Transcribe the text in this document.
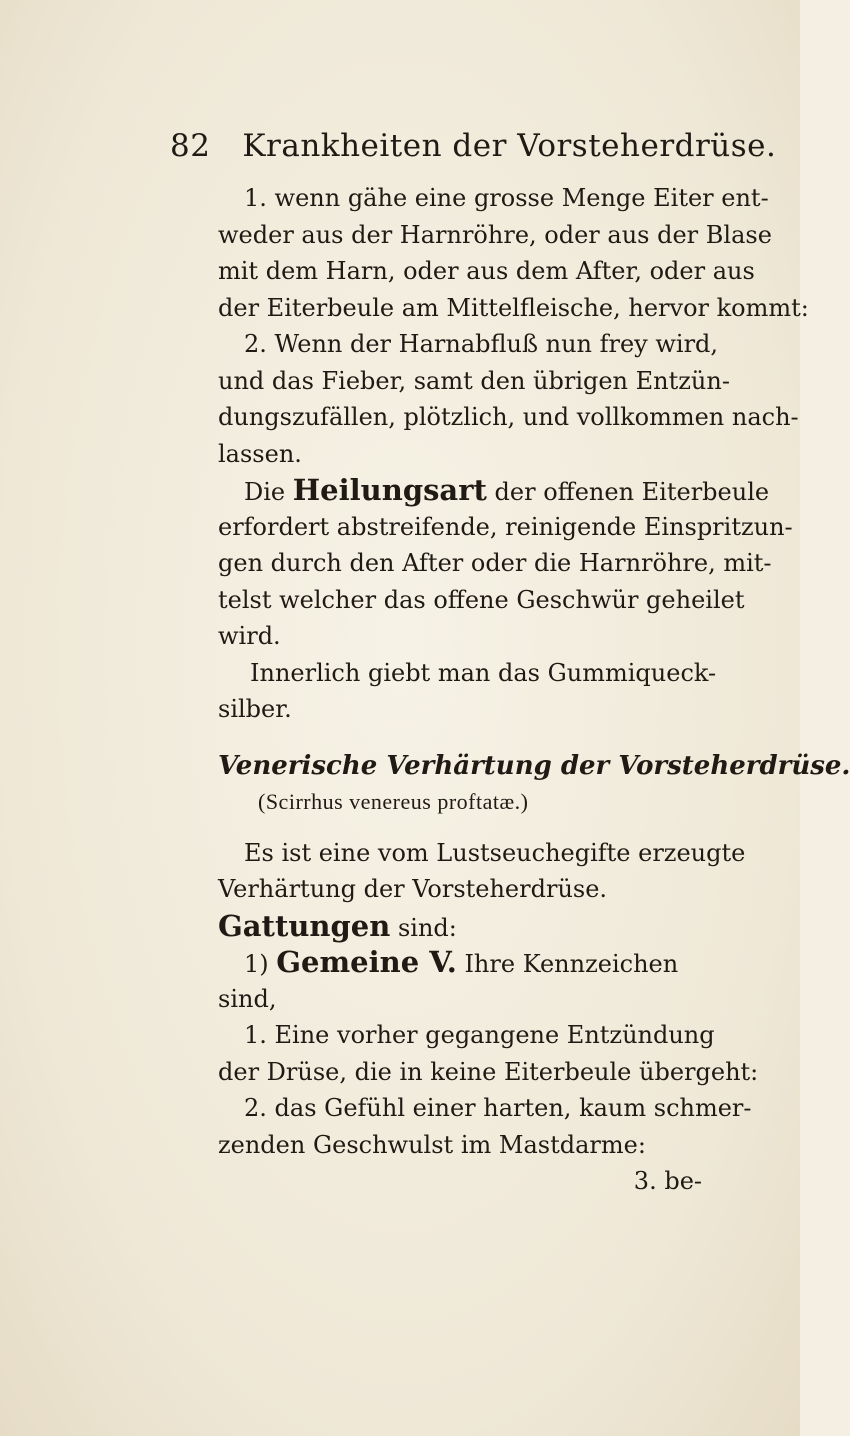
82 Krankheiten der Vorsteherdrüse.
1. wenn gähe eine grosse Menge Eiter ent-
weder aus der Harnröhre, oder aus der Blase
mit dem Harn, oder aus dem After, oder aus
der Eiterbeule am Mittelfleische, hervor kommt:
2. Wenn der Harnabfluß nun frey wird,
und das Fieber, samt den übrigen Entzün-
dungszufällen, plötzlich, und vollkommen nach-
lassen.
Die Heilungsart der offenen Eiterbeule
erfordert abstreifende, reinigende Einspritzun-
gen durch den After oder die Harnröhre, mit-
telst welcher das offene Geschwür geheilet
wird.
Innerlich giebt man das Gummiqueck-
silber.
Venerische Verhärtung der Vorsteherdrüse.
(Scirrhus venereus proftatæ.)
Es ist eine vom Lustseuchegifte erzeugte
Verhärtung der Vorsteherdrüse.
Gattungen sind:
1) Gemeine V. Ihre Kennzeichen
sind,
1. Eine vorher gegangene Entzündung
der Drüse, die in keine Eiterbeule übergeht:
2. das Gefühl einer harten, kaum schmer-
zenden Geschwulst im Mastdarme:
3. be-
